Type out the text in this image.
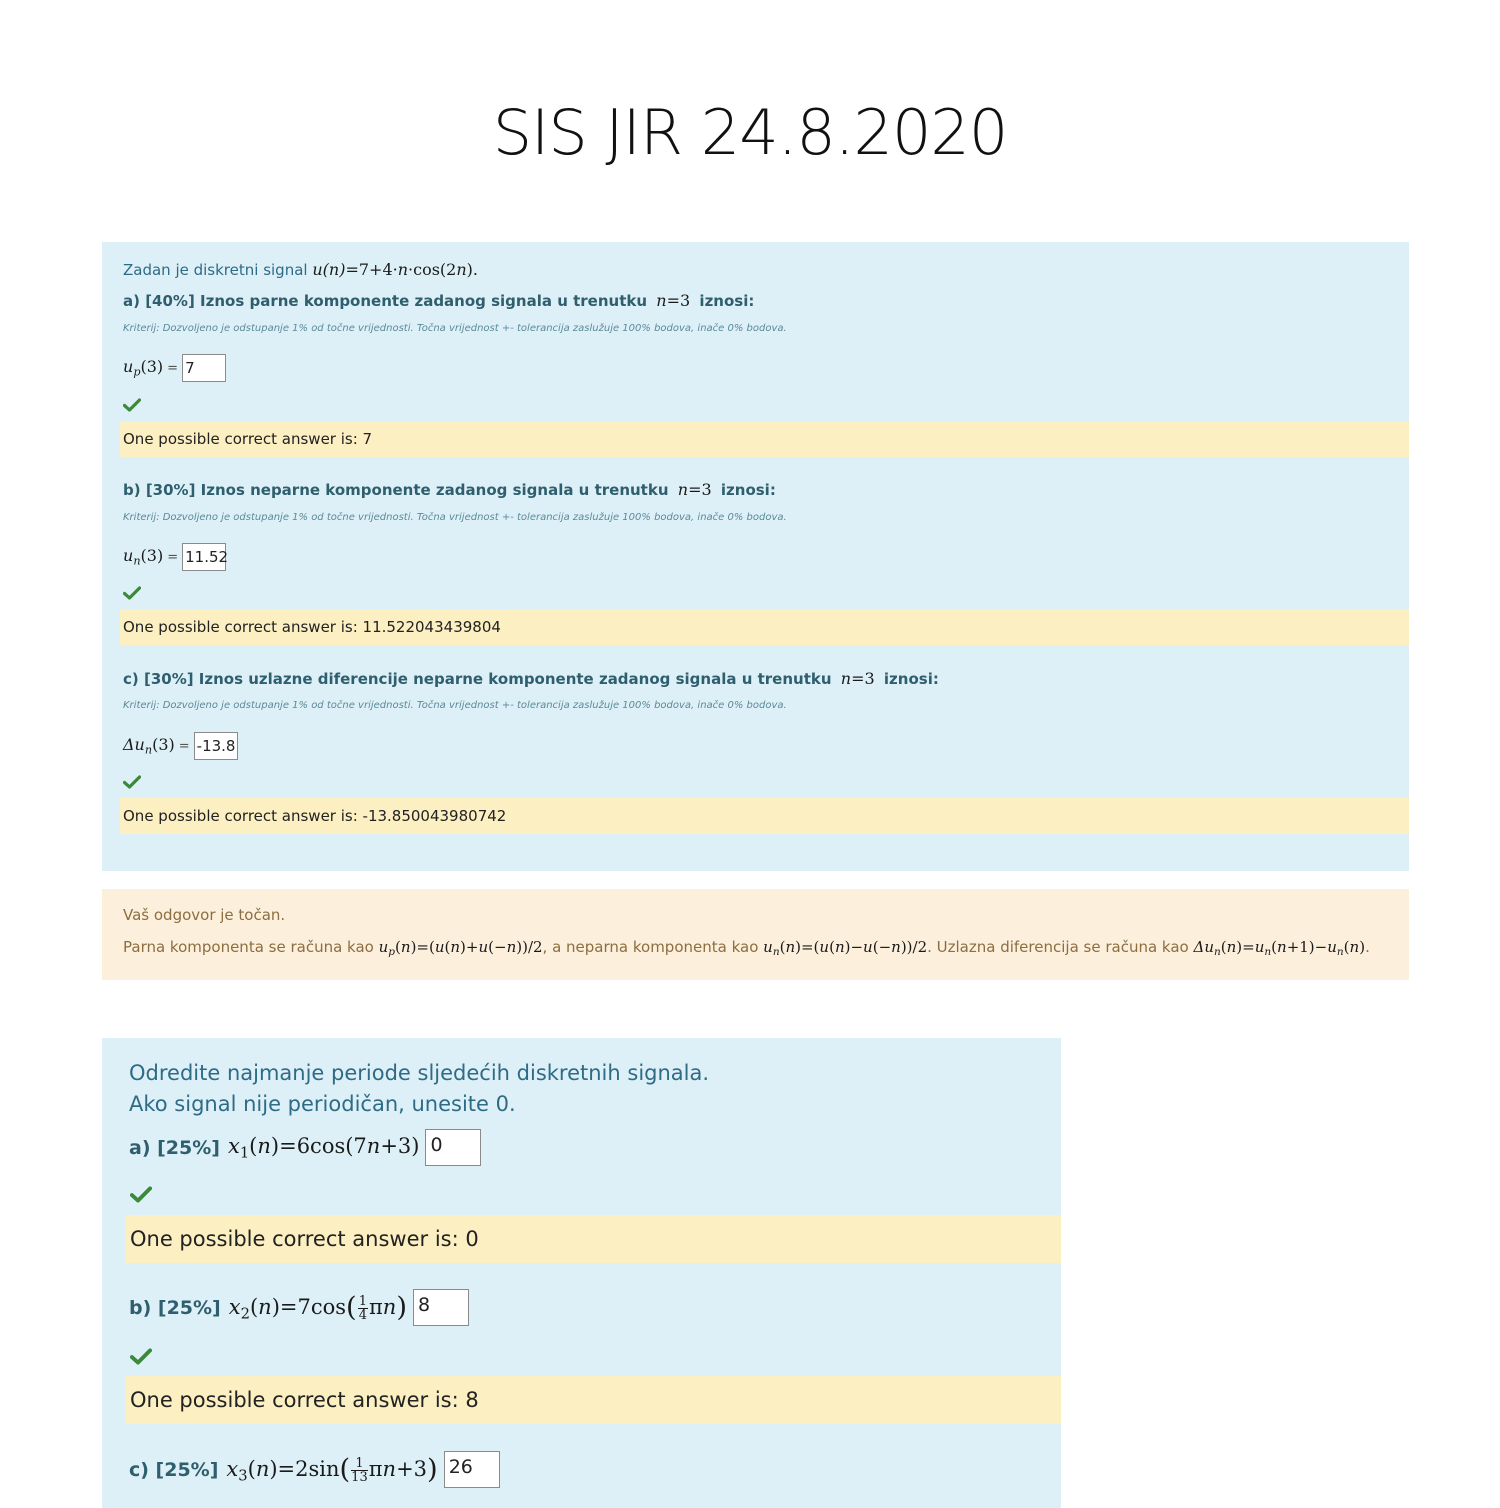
SIS JIR 24.8.2020
Zadan je diskretni signal u(n)=7+4·n·cos(2n).
a) [40%] Iznos parne komponente zadanog signala u trenutku n=3 iznosi:
Kriterij: Dozvoljeno je odstupanje 1% od točne vrijednosti. Točna vrijednost +- tolerancija zaslužuje 100% bodova, inače 0% bodova.
$u_p(3) = 7$
One possible correct answer is: 7
b) [30%] Iznos neparne komponente zadanog signala u trenutku n=3 iznosi:
Kriterij: Dozvoljeno je odstupanje 1% od točne vrijednosti. Točna vrijednost +- tolerancija zaslužuje 100% bodova, inače 0% bodova.
$u_n(3) = 11.52$
One possible correct answer is: 11.522043439804
c) [30%] Iznos uzlazne diferencije neparne komponente zadanog signala u trenutku n=3 iznosi:
Kriterij: Dozvoljeno je odstupanje 1% od točne vrijednosti. Točna vrijednost +- tolerancija zaslužuje 100% bodova, inače 0% bodova.
$\Delta u_n(3) = -13.8$
One possible correct answer is: -13.850043980742
Vaš odgovor je točan.
Parna komponenta se računa kao $u_p(n)=(u(n)+u(-n))/2$, a neparna komponenta kao $u_n(n)=(u(n)-u(-n))/2$. Uzlazna diferencija se računa kao $\Delta u_n(n)=u_n(n+1)-u_n(n)$.
Odredite najmanje periode sljedećih diskretnih signala.
Ako signal nije periodičan, unesite 0.
a) [25%] $x_1(n)=6\cos(7n+3)$ 0
One possible correct answer is: 0
b) [25%] $x_2(n)=7\cos( \frac{1}{4} \pi n)$ 8
One possible correct answer is: 8
c) [25%] $x_3(n)=2\sin( \frac{1}{13} \pi n+3)$ 26
